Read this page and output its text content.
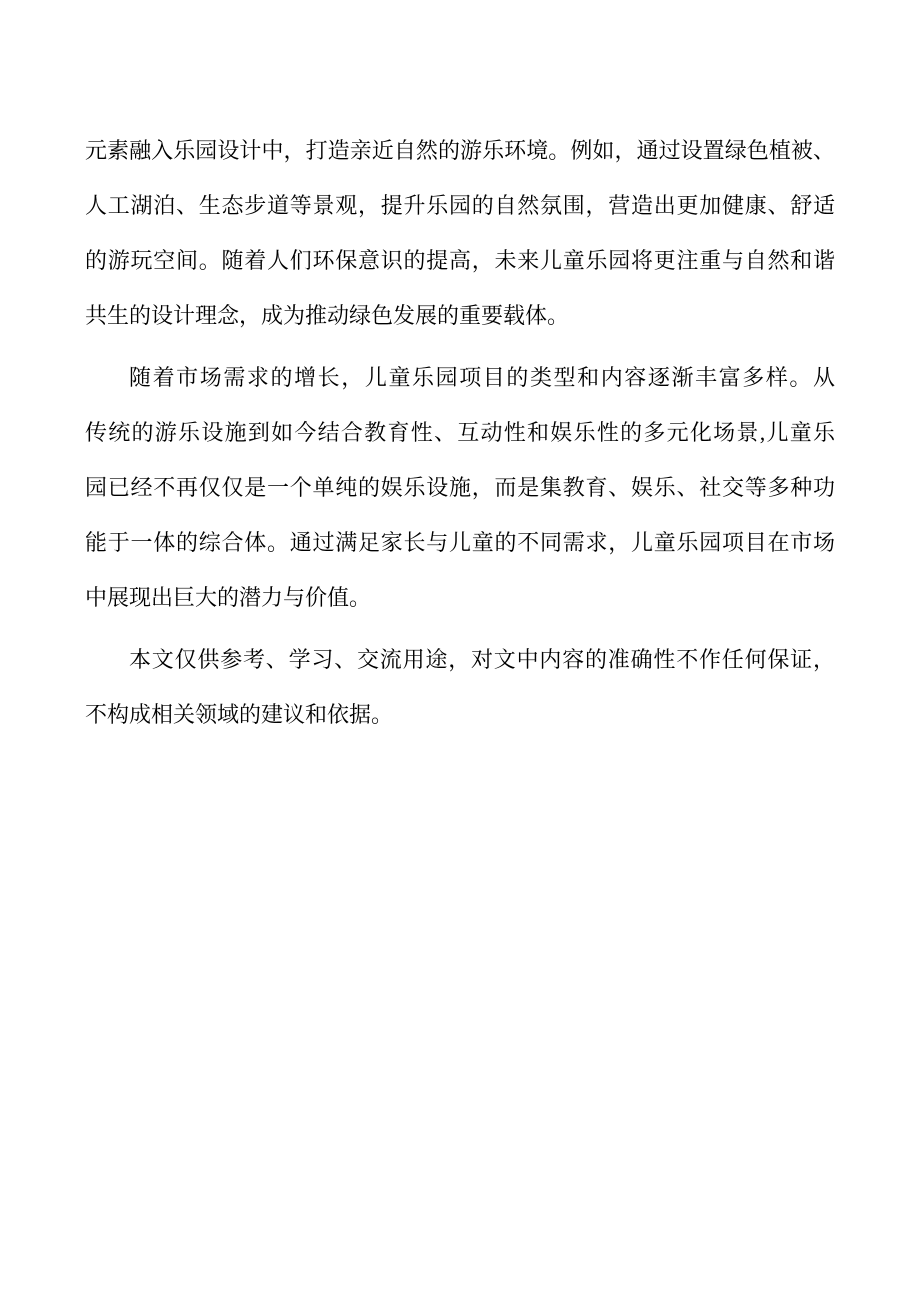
元素融入乐园设计中，打造亲近自然的游乐环境。例如，通过设置绿色植被、
人工湖泊、生态步道等景观，提升乐园的自然氛围，营造出更加健康、舒适
的游玩空间。随着人们环保意识的提高，未来儿童乐园将更注重与自然和谐
共生的设计理念，成为推动绿色发展的重要载体。
随着市场需求的增长，儿童乐园项目的类型和内容逐渐丰富多样。从
传统的游乐设施到如今结合教育性、互动性和娱乐性的多元化场景,儿童乐
园已经不再仅仅是一个单纯的娱乐设施，而是集教育、娱乐、社交等多种功
能于一体的综合体。通过满足家长与儿童的不同需求，儿童乐园项目在市场
中展现出巨大的潜力与价值。
本文仅供参考、学习、交流用途，对文中内容的准确性不作任何保证，
不构成相关领域的建议和依据。
